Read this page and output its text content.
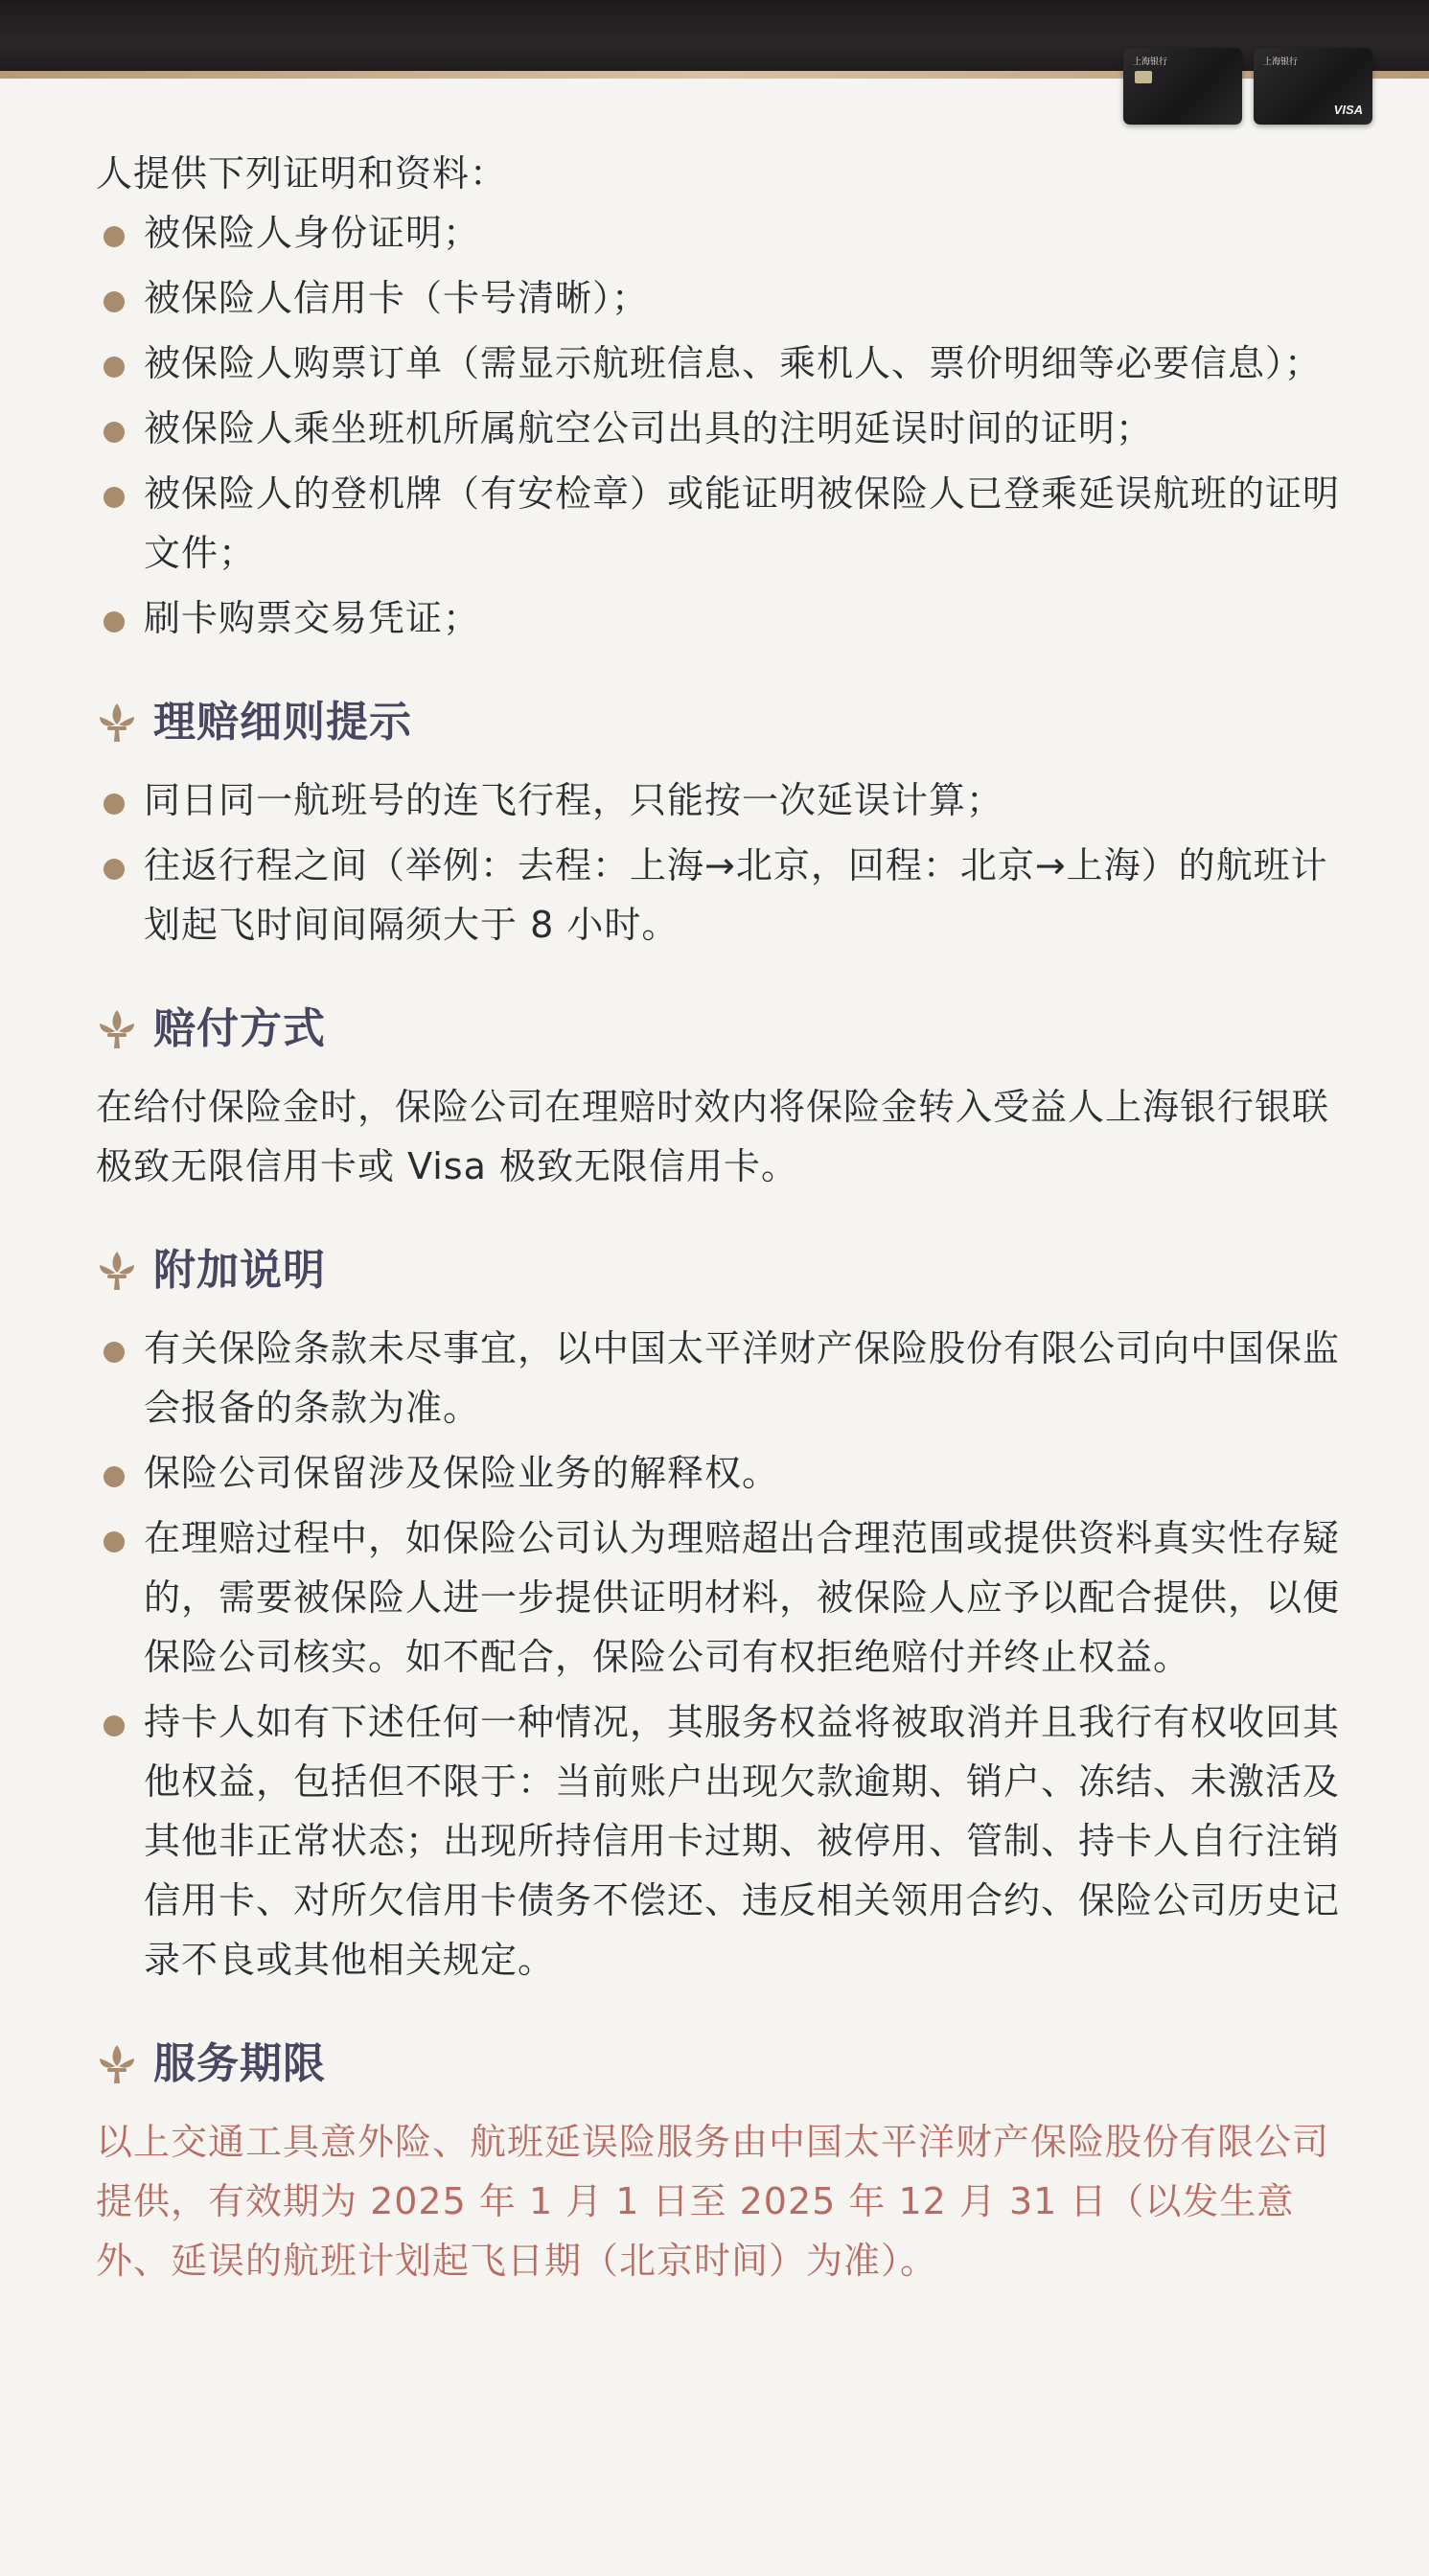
上海银行	上海银行
VISA

人提供下列证明和资料：

被保险人身份证明；
被保险人信用卡（卡号清晰）；
被保险人购票订单（需显示航班信息、乘机人、票价明细等必要信息）；
被保险人乘坐班机所属航空公司出具的注明延误时间的证明；
被保险人的登机牌（有安检章）或能证明被保险人已登乘延误航班的证明文件；
刷卡购票交易凭证；
理赔细则提示
同日同一航班号的连飞行程，只能按一次延误计算；
往返行程之间（举例：去程：上海→北京，回程：北京→上海）的航班计划起飞时间间隔须大于 8 小时。
赔付方式

在给付保险金时，保险公司在理赔时效内将保险金转入受益人上海银行银联极致无限信用卡或 Visa 极致无限信用卡。

附加说明
有关保险条款未尽事宜，以中国太平洋财产保险股份有限公司向中国保监会报备的条款为准。
保险公司保留涉及保险业务的解释权。
在理赔过程中，如保险公司认为理赔超出合理范围或提供资料真实性存疑的，需要被保险人进一步提供证明材料，被保险人应予以配合提供，以便保险公司核实。如不配合，保险公司有权拒绝赔付并终止权益。
持卡人如有下述任何一种情况，其服务权益将被取消并且我行有权收回其他权益，包括但不限于：当前账户出现欠款逾期、销户、冻结、未激活及其他非正常状态；出现所持信用卡过期、被停用、管制、持卡人自行注销信用卡、对所欠信用卡债务不偿还、违反相关领用合约、保险公司历史记录不良或其他相关规定。
服务期限

以上交通工具意外险、航班延误险服务由中国太平洋财产保险股份有限公司提供，有效期为 2025 年 1 月 1 日至 2025 年 12 月 31 日（以发生意外、延误的航班计划起飞日期（北京时间）为准）。
